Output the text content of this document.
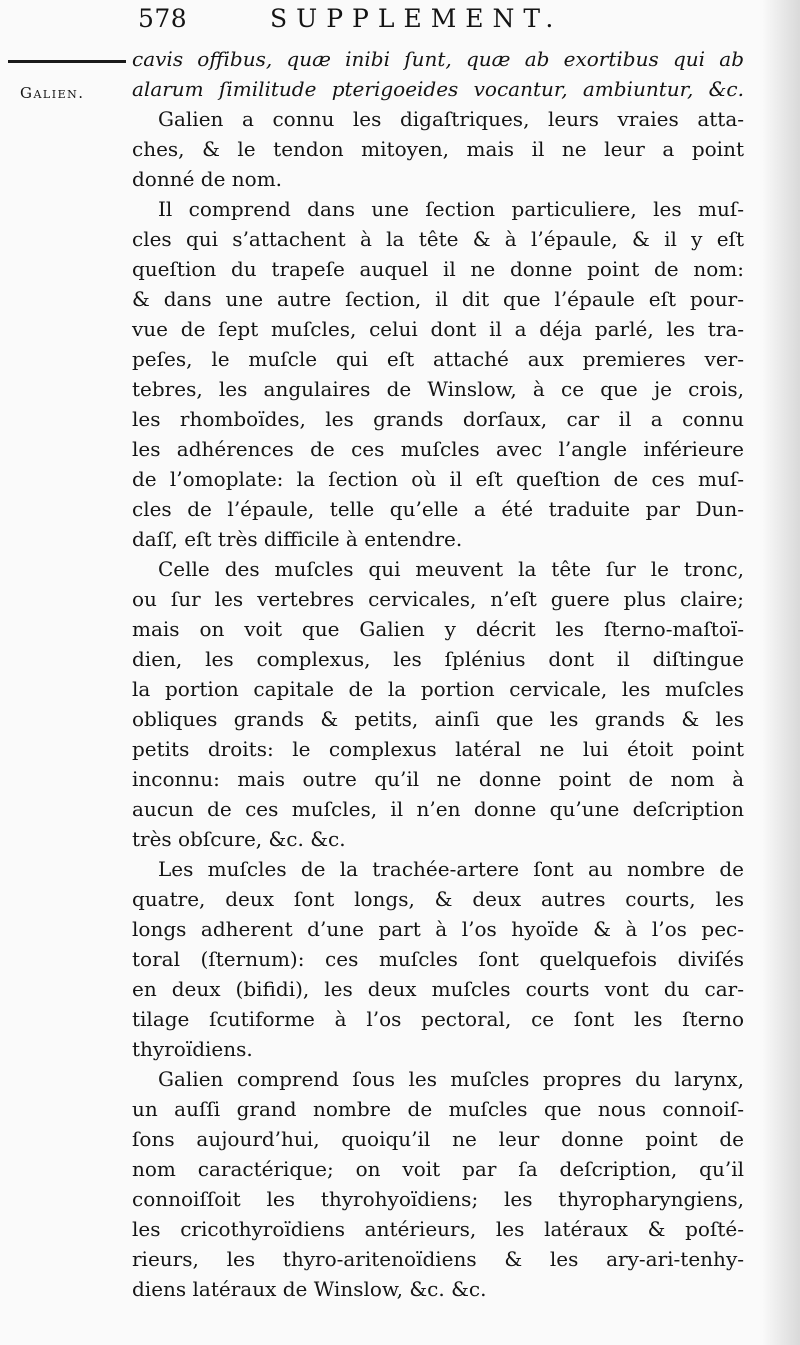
578	SUPPLEMENT.
Galien.
cavis offibus, quæ inibi ſunt, quæ ab exortibus qui ab
alarum ſimilitude pterigoeides vocantur, ambiuntur, &c.
Galien a connu les digaſtriques, leurs vraies atta-
ches, & le tendon mitoyen, mais il ne leur a point
donné de nom.
Il comprend dans une ſection particuliere, les muſ-
cles qui s’attachent à la tête & à l’épaule, & il y eſt
queſtion du trapeſe auquel il ne donne point de nom:
& dans une autre ſection, il dit que l’épaule eſt pour-
vue de ſept muſcles, celui dont il a déja parlé, les tra-
peſes, le muſcle qui eſt attaché aux premieres ver-
tebres, les angulaires de Winslow, à ce que je crois,
les rhomboïdes, les grands dorſaux, car il a connu
les adhérences de ces muſcles avec l’angle inférieure
de l’omoplate: la ſection où il eſt queſtion de ces muſ-
cles de l’épaule, telle qu’elle a été traduite par Dun-
daſſ, eſt très difficile à entendre.
Celle des muſcles qui meuvent la tête ſur le tronc,
ou ſur les vertebres cervicales, n’eſt guere plus claire;
mais on voit que Galien y décrit les ſterno-maſtoï-
dien, les complexus, les ſplénius dont il diſtingue
la portion capitale de la portion cervicale, les muſcles
obliques grands & petits, ainſi que les grands & les
petits droits: le complexus latéral ne lui étoit point
inconnu: mais outre qu’il ne donne point de nom à
aucun de ces muſcles, il n’en donne qu’une deſcription
très obſcure, &c. &c.
Les muſcles de la trachée-artere ſont au nombre de
quatre, deux ſont longs, & deux autres courts, les
longs adherent d’une part à l’os hyoïde & à l’os pec-
toral (ſternum): ces muſcles ſont quelquefois diviſés
en deux (bifidi), les deux muſcles courts vont du car-
tilage ſcutiforme à l’os pectoral, ce ſont les ſterno
thyroïdiens.
Galien comprend ſous les muſcles propres du larynx,
un auſſi grand nombre de muſcles que nous connoiſ-
ſons aujourd’hui, quoiqu’il ne leur donne point de
nom caractérique; on voit par ſa deſcription, qu’il
connoiſſoit les thyrohyoïdiens; les thyropharyngiens,
les cricothyroïdiens antérieurs, les latéraux & poſté-
rieurs, les thyro-aritenoïdiens & les ary-ari-tenhy-
diens latéraux de Winslow, &c. &c.
